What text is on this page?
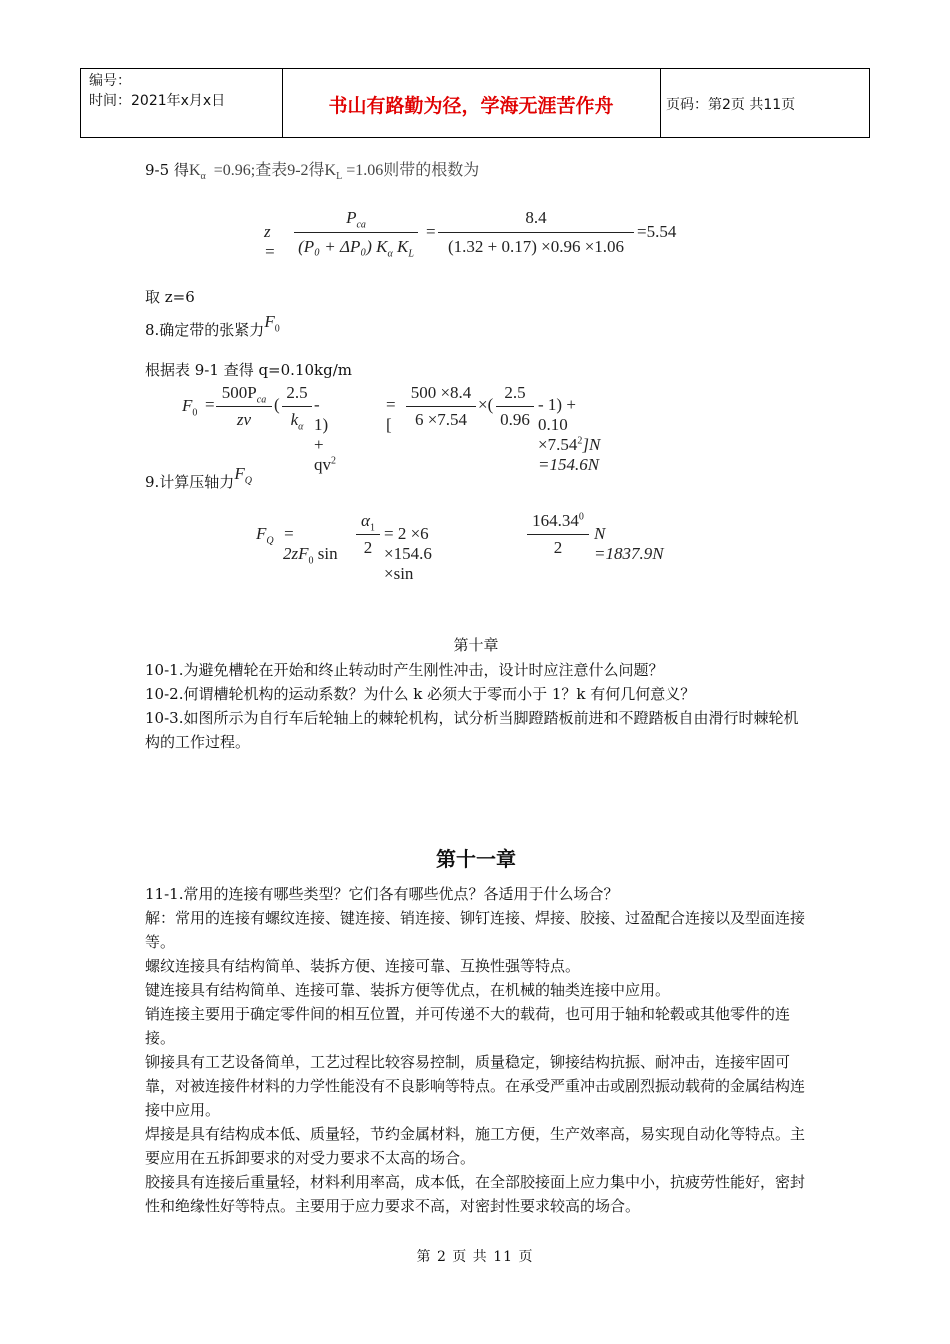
编号：
时间：2021年x月x日	书山有路勤为径，学海无涯苦作舟	页码：第2页 共11页
9-5 得$K_\alpha =0.96$;查表9-2得$K_L =1.06$则带的根数为
z =
$P_{ca}$
(P₀ + ΔP₀) $K_\alpha$ $K_L$
=
8.4
(1.32 + 0.17) ×0.96 ×1.06
=5.54
取 z=6
8.确定带的张紧力$F_0$
根据表 9-1 查得 q=0.10kg/m
$F_0$ =
$500P_{ca}$
zv
(
2.5
$k_\alpha$
- $1) + qv^2$
=[
500 ×8.4
6 ×7.54
×(
2.5
0.96
- $1) + 0.10 \times 7.54^2]N =154.6N$
9.计算压轴力$F_Q$
$F_Q = 2zF_0$ sin
$\alpha_1$
2
= 2 ×6 ×154.6 ×sin
164.34$^0$
2
N =1837.9N
第十章
10-1.为避免槽轮在开始和终止转动时产生刚性冲击，设计时应注意什么问题？
10-2.何谓槽轮机构的运动系数？为什么 k 必须大于零而小于 1？k 有何几何意义？
10-3.如图所示为自行车后轮轴上的棘轮机构，试分析当脚蹬踏板前进和不蹬踏板自由滑行时棘轮机构的工作过程。
第十一章
11-1.常用的连接有哪些类型？它们各有哪些优点？各适用于什么场合？
解：常用的连接有螺纹连接、键连接、销连接、铆钉连接、焊接、胶接、过盈配合连接以及型面连接等。
螺纹连接具有结构简单、装拆方便、连接可靠、互换性强等特点。
键连接具有结构简单、连接可靠、装拆方便等优点，在机械的轴类连接中应用。
销连接主要用于确定零件间的相互位置，并可传递不大的载荷，也可用于轴和轮毂或其他零件的连接。
铆接具有工艺设备简单，工艺过程比较容易控制，质量稳定，铆接结构抗振、耐冲击，连接牢固可靠，对被连接件材料的力学性能没有不良影响等特点。在承受严重冲击或剧烈振动载荷的金属结构连接中应用。
焊接是具有结构成本低、质量轻，节约金属材料，施工方便，生产效率高，易实现自动化等特点。主要应用在五拆卸要求的对受力要求不太高的场合。
胶接具有连接后重量轻，材料利用率高，成本低，在全部胶接面上应力集中小，抗疲劳性能好，密封性和绝缘性好等特点。主要用于应力要求不高，对密封性要求较高的场合。
第 2 页 共 11 页
